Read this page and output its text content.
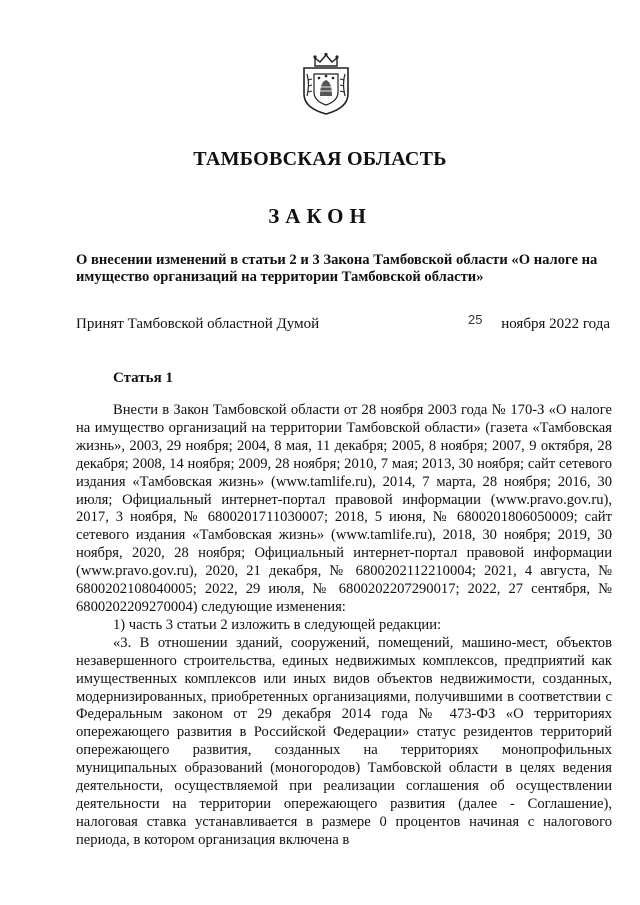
ТАМБОВСКАЯ ОБЛАСТЬ
ЗАКОН
О внесении изменений в статьи 2 и 3 Закона Тамбовской области «О налоге на имущество организаций на территории Тамбовской области»
Принят Тамбовской областной Думой	25 ноября 2022 года
Статья 1

Внести в Закон Тамбовской области от 28 ноября 2003 года № 170-З «О налоге на имущество организаций на территории Тамбовской области» (газета «Тамбовская жизнь», 2003, 29 ноября; 2004, 8 мая, 11 декабря; 2005, 8 ноября; 2007, 9 октября, 28 декабря; 2008, 14 ноября; 2009, 28 ноября; 2010, 7 мая; 2013, 30 ноября; сайт сетевого издания «Тамбовская жизнь» (www.tamlife.ru), 2014, 7 марта, 28 ноября; 2016, 30 июля; Официальный интернет-портал правовой информации (www.pravo.gov.ru), 2017, 3 ноября, № 6800201711030007; 2018, 5 июня, № 6800201806050009; сайт сетевого издания «Тамбовская жизнь» (www.tamlife.ru), 2018, 30 ноября; 2019, 30 ноября, 2020, 28 ноября; Официальный интернет-портал правовой информации (www.pravo.gov.ru), 2020, 21 декабря, № 6800202112210004; 2021, 4 августа, № 6800202108040005; 2022, 29 июля, № 6800202207290017; 2022, 27 сентября, № 6800202209270004) следующие изменения:

1) часть 3 статьи 2 изложить в следующей редакции:

«3. В отношении зданий, сооружений, помещений, машино-мест, объектов незавершенного строительства, единых недвижимых комплексов, предприятий как имущественных комплексов или иных видов объектов недвижимости, созданных, модернизированных, приобретенных организациями, получившими в соответствии с Федеральным законом от 29 декабря 2014 года № 473-ФЗ «О территориях опережающего развития в Российской Федерации» статус резидентов территорий опережающего развития, созданных на территориях монопрофильных муниципальных образований (моногородов) Тамбовской области в целях ведения деятельности, осуществляемой при реализации соглашения об осуществлении деятельности на территории опережающего развития (далее - Соглашение), налоговая ставка устанавливается в размере 0 процентов начиная с налогового периода, в котором организация включена в
